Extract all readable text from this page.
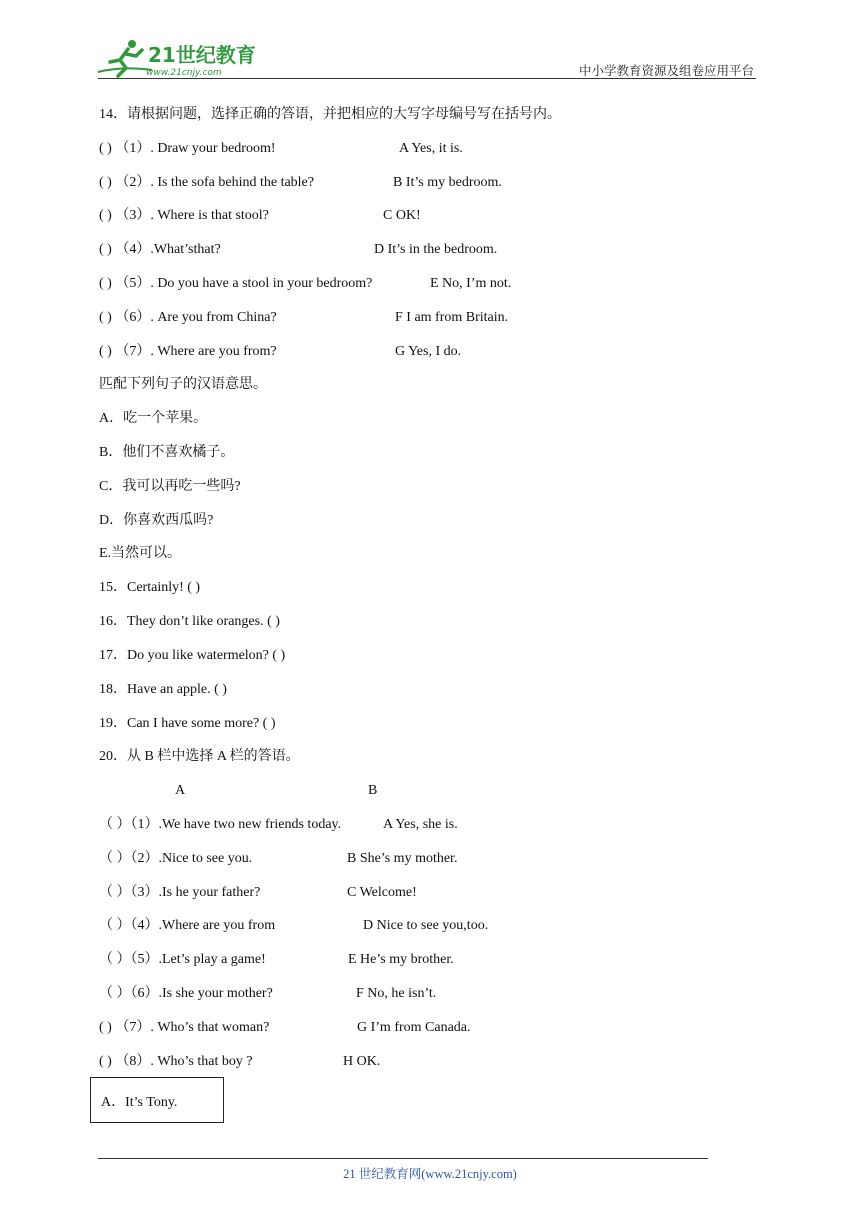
21世纪教育
www.21cnjy.com	中小学教育资源及组卷应用平台
14．请根据问题，选择正确的答语，并把相应的大写字母编号写在括号内。
( ) （1）. Draw your bedroom!	A Yes, it is.
( ) （2）. Is the sofa behind the table?	B It’s my bedroom.
( ) （3）. Where is that stool?	C OK!
( ) （4）.What’sthat?	D It’s in the bedroom.
( ) （5）. Do you have a stool in your bedroom?	E No, I’m not.
( ) （6）. Are you from China?	F I am from Britain.
( ) （7）. Where are you from?	G Yes, I do.
匹配下列句子的汉语意思。
A．吃一个苹果。
B．他们不喜欢橘子。
C．我可以再吃一些吗?
D．你喜欢西瓜吗?
E.当然可以。
15．Certainly! ( )
16．They don’t like oranges. ( )
17．Do you like watermelon? ( )
18．Have an apple. ( )
19．Can I have some more? ( )
20．从 B 栏中选择 A 栏的答语。
A	B
（ ）（1）.We have two new friends today.	A Yes, she is.
（ ）（2）.Nice to see you.	B She’s my mother.
（ ）（3）.Is he your father?	C Welcome!
（ ）（4）.Where are you from	D Nice to see you,too.
（ ）（5）.Let’s play a game!	E He’s my brother.
（ ）（6）.Is she your mother?	F No, he isn’t.
( ) （7）. Who’s that woman?	G I’m from Canada.
( ) （8）. Who’s that boy ?	H OK.
A．It’s Tony.
21 世纪教育网(www.21cnjy.com)
